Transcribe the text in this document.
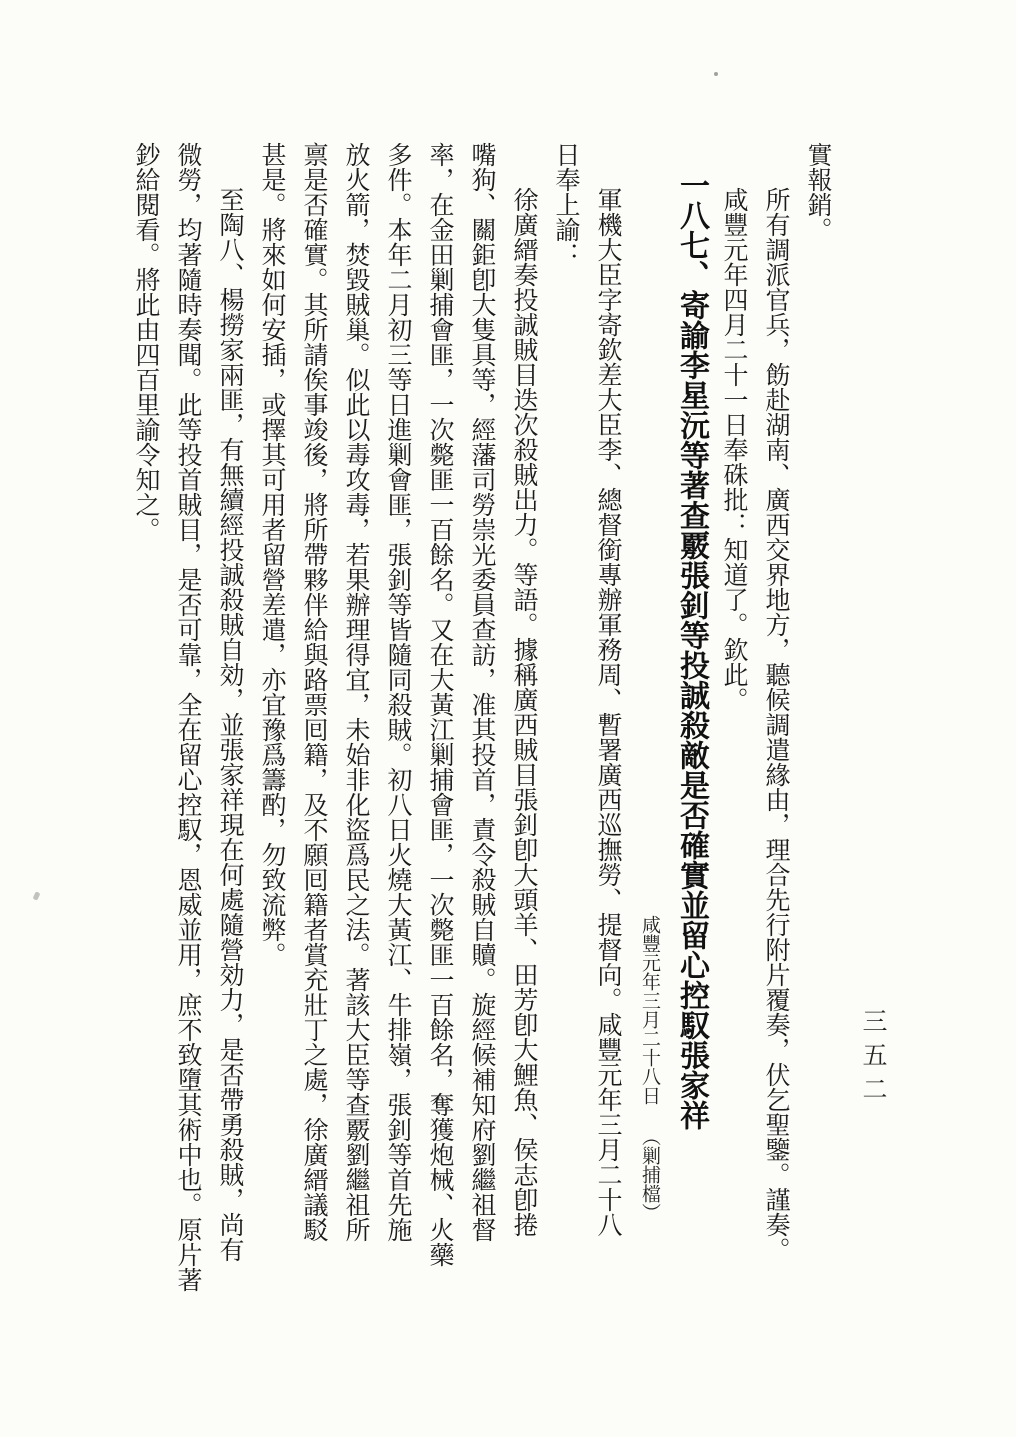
三五二
實報銷。
所有調派官兵，飭赴湖南、廣西交界地方，聽候調遣緣由，理合先行附片覆奏，伏乞聖鑒。謹奏。
咸豐元年四月二十一日奉硃批：知道了。欽此。
一八七、寄諭李星沅等著查覈張釗等投誠殺敵是否確實並留心控馭張家祥
咸豐元年三月二十八日 （剿捕檔）
軍機大臣字寄欽差大臣李、總督銜專辦軍務周、暫署廣西巡撫勞、提督向。咸豐元年三月二十八
日奉上諭：
徐廣縉奏投誠賊目迭次殺賊出力。等語。據稱廣西賊目張釗卽大頭羊、田芳卽大鯉魚、侯志卽捲
嘴狗、關鉅卽大隻具等，經藩司勞崇光委員查訪，准其投首，責令殺賊自贖。旋經候補知府劉繼祖督
率，在金田剿捕會匪，一次斃匪一百餘名。又在大黃江剿捕會匪，一次斃匪一百餘名，奪獲炮械、火藥
多件。本年二月初三等日進剿會匪，張釗等皆隨同殺賊。初八日火燒大黃江、牛排嶺，張釗等首先施
放火箭，焚毀賊巢。似此以毒攻毒，若果辦理得宜，未始非化盜爲民之法。著該大臣等查覈劉繼祖所
禀是否確實。其所請俟事竣後，將所帶夥伴給與路票囘籍，及不願囘籍者賞充壯丁之處，徐廣縉議駁
甚是。將來如何安插，或擇其可用者留營差遣，亦宜豫爲籌酌，勿致流弊。
至陶八、楊撈家兩匪，有無續經投誠殺賊自効，並張家祥現在何處隨營効力，是否帶勇殺賊，尚有
微勞，均著隨時奏聞。此等投首賊目，是否可靠，全在留心控馭，恩威並用，庶不致墮其術中也。原片著
鈔給閱看。將此由四百里諭令知之。
